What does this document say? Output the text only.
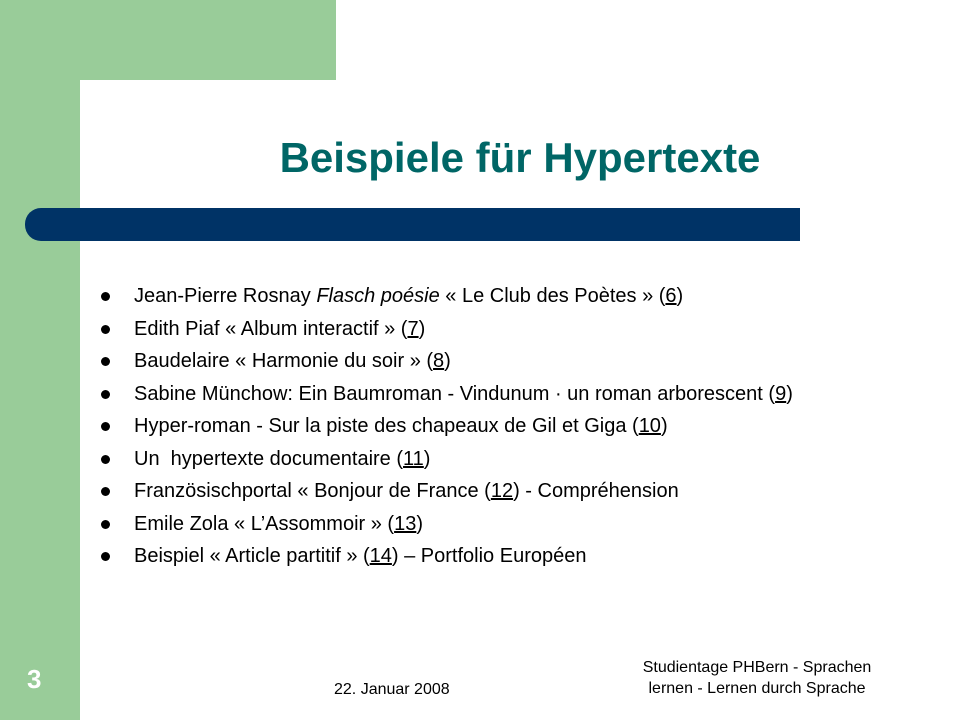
Beispiele für Hypertexte
Jean-Pierre Rosnay Flasch poésie « Le Club des Poètes » (6)
Edith Piaf « Album interactif » (7)
Baudelaire « Harmonie du soir » (8)
Sabine Münchow: Ein Baumroman - Vindunum · un roman arborescent (9)
Hyper-roman - Sur la piste des chapeaux de Gil et Giga (10)
Un  hypertexte documentaire (11)
Französischportal « Bonjour de France (12) - Compréhension
Emile Zola « L’Assommoir » (13)
Beispiel « Article partitif » (14) – Portfolio Européen
3	22. Januar 2008
Studientage PHBern - Sprachen
lernen - Lernen durch Sprache
